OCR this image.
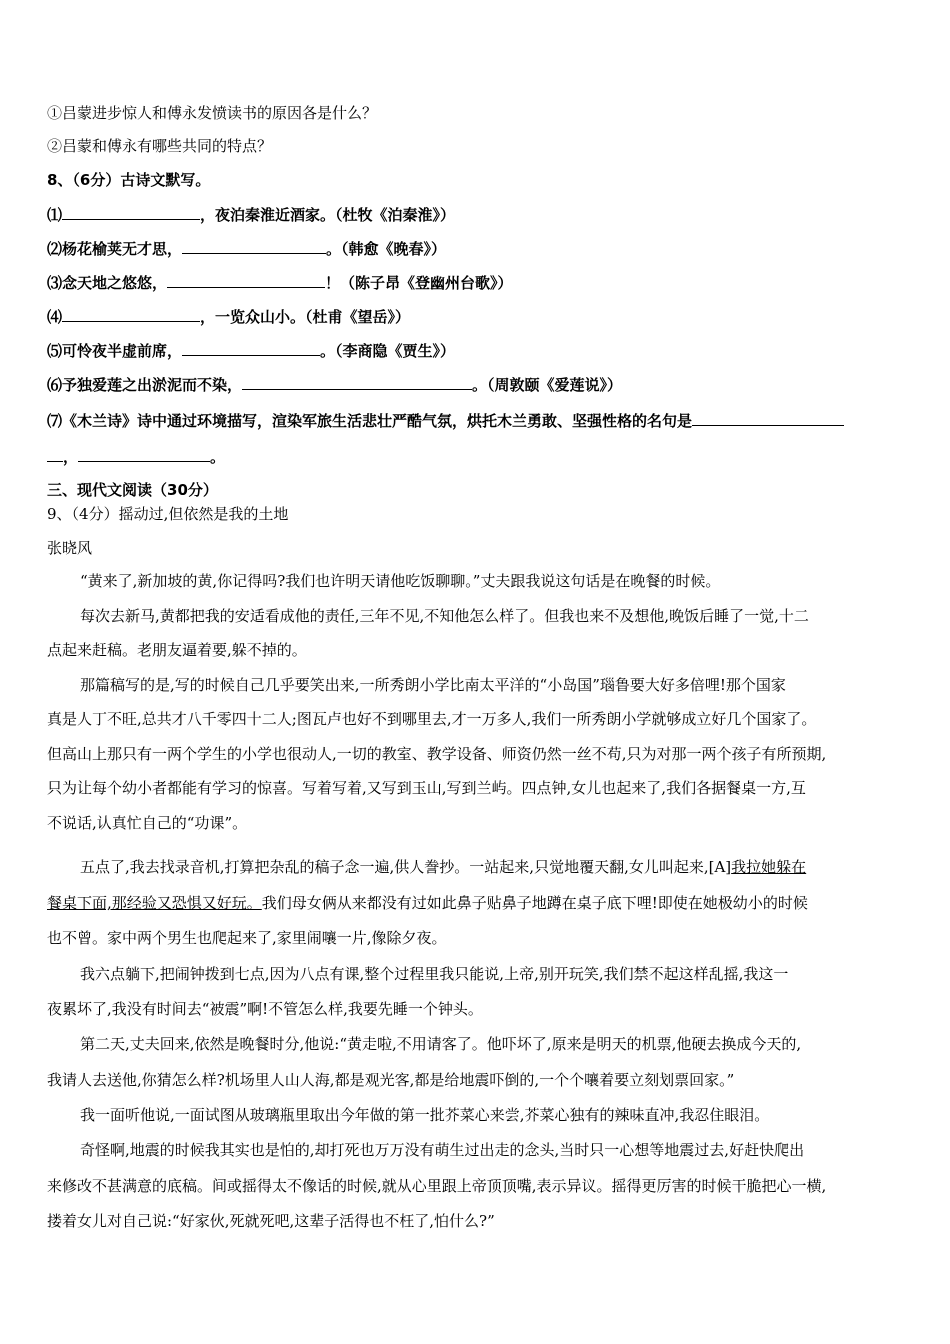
①吕蒙进步惊人和傅永发愤读书的原因各是什么？
②吕蒙和傅永有哪些共同的特点？
8、（6分）古诗文默写。
⑴	，夜泊秦淮近酒家。（杜牧《泊秦淮》）
⑵杨花榆荚无才思，	。（韩愈《晚春》）
⑶念天地之悠悠，	！（陈子昂《登幽州台歌》）
⑷	，一览众山小。（杜甫《望岳》）
⑸可怜夜半虚前席，	。（李商隐《贾生》）
⑹予独爱莲之出淤泥而不染，	。（周敦颐《爱莲说》）
⑺《木兰诗》诗中通过环境描写，渲染军旅生活悲壮严酷气氛，烘托木兰勇敢、坚强性格的名句是
，	。
三、现代文阅读（30分）
9、（4分）摇动过,但依然是我的土地
张晓风
“黄来了,新加坡的黄,你记得吗?我们也许明天请他吃饭聊聊。”丈夫跟我说这句话是在晚餐的时候。
每次去新马,黄都把我的安适看成他的责任,三年不见,不知他怎么样了。但我也来不及想他,晚饭后睡了一觉,十二
点起来赶稿。老朋友逼着要,躲不掉的。
那篇稿写的是,写的时候自己几乎要笑出来,一所秀朗小学比南太平洋的“小岛国”瑙鲁要大好多倍哩!那个国家
真是人丁不旺,总共才八千零四十二人;图瓦卢也好不到哪里去,才一万多人,我们一所秀朗小学就够成立好几个国家了。
但高山上那只有一两个学生的小学也很动人,一切的教室、教学设备、师资仍然一丝不苟,只为对那一两个孩子有所预期,
只为让每个幼小者都能有学习的惊喜。写着写着,又写到玉山,写到兰屿。四点钟,女儿也起来了,我们各据餐桌一方,互
不说话,认真忙自己的“功课”。
五点了,我去找录音机,打算把杂乱的稿子念一遍,供人誊抄。一站起来,只觉地覆天翻,女儿叫起来,[A]我拉她躲在
餐桌下面,那经验又恐惧又好玩。我们母女俩从来都没有过如此鼻子贴鼻子地蹲在桌子底下哩!即使在她极幼小的时候
也不曾。家中两个男生也爬起来了,家里闹嚷一片,像除夕夜。
我六点躺下,把闹钟拨到七点,因为八点有课,整个过程里我只能说,上帝,别开玩笑,我们禁不起这样乱摇,我这一
夜累坏了,我没有时间去“被震”啊!不管怎么样,我要先睡一个钟头。
第二天,丈夫回来,依然是晚餐时分,他说:“黄走啦,不用请客了。他吓坏了,原来是明天的机票,他硬去换成今天的,
我请人去送他,你猜怎么样?机场里人山人海,都是观光客,都是给地震吓倒的,一个个嚷着要立刻划票回家。”
我一面听他说,一面试图从玻璃瓶里取出今年做的第一批芥菜心来尝,芥菜心独有的辣味直冲,我忍住眼泪。
奇怪啊,地震的时候我其实也是怕的,却打死也万万没有萌生过出走的念头,当时只一心想等地震过去,好赶快爬出
来修改不甚满意的底稿。间或摇得太不像话的时候,就从心里跟上帝顶顶嘴,表示异议。摇得更厉害的时候干脆把心一横,
搂着女儿对自己说:“好家伙,死就死吧,这辈子活得也不枉了,怕什么?”
